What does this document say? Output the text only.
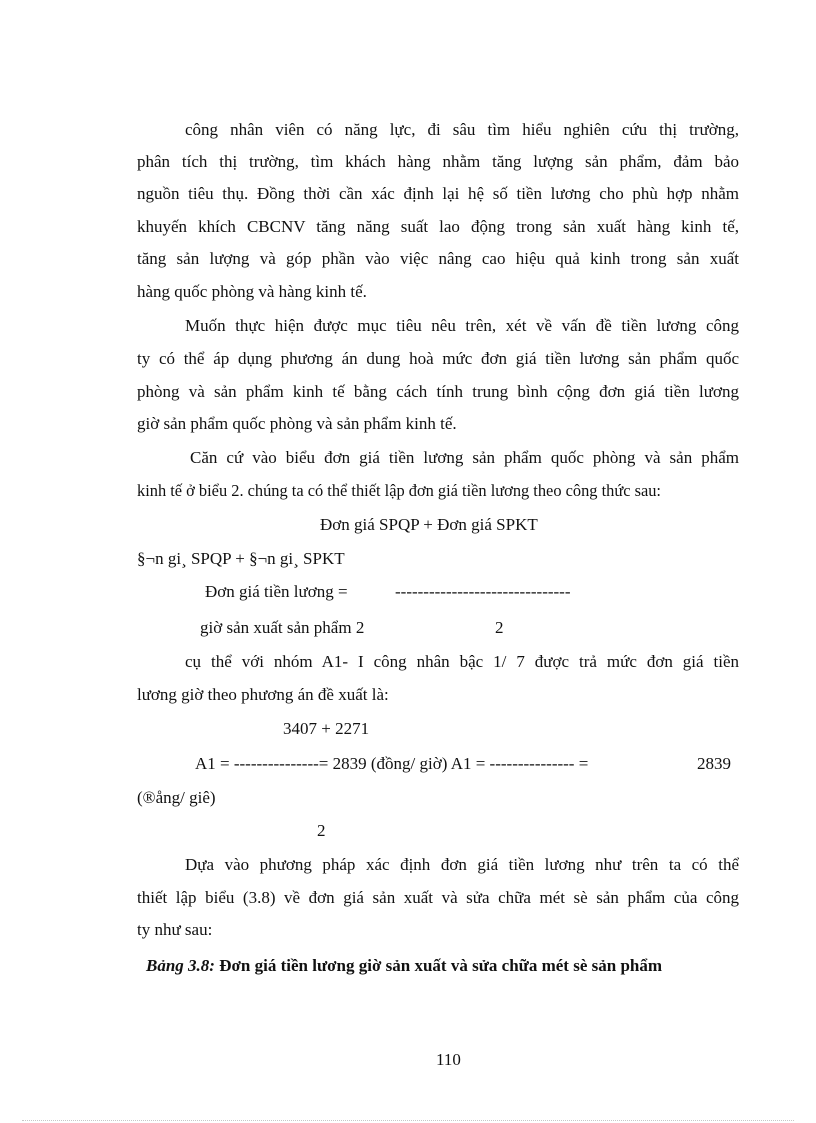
công nhân viên có năng lực, đi sâu tìm hiểu nghiên cứu thị trường,
phân tích thị trường, tìm khách hàng nhằm tăng lượng sản phẩm, đảm bảo
nguồn tiêu thụ. Đồng thời cần xác định lại hệ số tiền lương cho phù hợp nhằm
khuyến khích CBCNV tăng năng suất lao động trong sản xuất hàng kinh tế,
tăng sản lượng và góp phần vào việc nâng cao hiệu quả kinh trong sản xuất
hàng quốc phòng và hàng kinh tế.
Muốn thực hiện được mục tiêu nêu trên, xét về vấn đề tiền lương công
ty có thể áp dụng phương án dung hoà mức đơn giá tiền lương sản phẩm quốc
phòng và sản phẩm kinh tế bằng cách tính trung bình cộng đơn giá tiền lương
giờ sản phẩm quốc phòng và sản phẩm kinh tế.
Căn cứ vào biểu đơn giá tiền lương sản phẩm quốc phòng và sản phẩm
kinh tế ở biểu 2. chúng ta có thể thiết lập đơn giá tiền lương theo công thức sau:
Đơn giá SPQP + Đơn giá SPKT
§¬n gi¸ SPQP + §¬n gi¸ SPKT
Đơn giá tiền lương =	-------------------------------
giờ sản xuất sản phẩm 2	2
cụ thể với nhóm A1- I công nhân bậc 1/ 7 được trả mức đơn giá tiền
lương giờ theo phương án đề xuất là:
3407 + 2271
A1 = ---------------= 2839 (đồng/ giờ) A1 = --------------- =	2839
(®ång/ giê)
2
Dựa vào phương pháp xác định đơn giá tiền lương như trên ta có thể
thiết lập biểu (3.8) về đơn giá sản xuất và sửa chữa mét sè sản phẩm của công
ty như sau:
Bảng 3.8: Đơn giá tiền lương giờ sản xuất và sửa chữa mét sè sản phẩm
110
